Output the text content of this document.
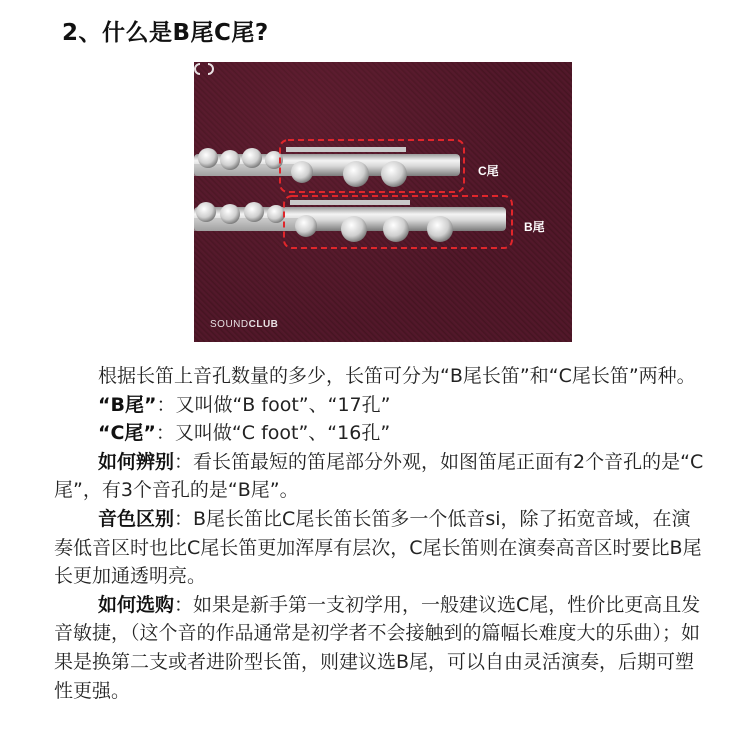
2、什么是B尾C尾?
C尾
B尾
SOUNDCLUB

根据长笛上音孔数量的多少，长笛可分为“B尾长笛”和“C尾长笛”两种。

“B尾”：又叫做“B foot”、“17孔”

“C尾”：又叫做“C foot”、“16孔”

如何辨别：看长笛最短的笛尾部分外观，如图笛尾正面有2个音孔的是“C尾”，有3个音孔的是“B尾”。

音色区别：B尾长笛比C尾长笛长笛多一个低音si，除了拓宽音域，在演奏低音区时也比C尾长笛更加浑厚有层次，C尾长笛则在演奏高音区时要比B尾长更加通透明亮。

如何选购：如果是新手第一支初学用，一般建议选C尾，性价比更高且发音敏捷，（这个音的作品通常是初学者不会接触到的篇幅长难度大的乐曲）；如果是换第二支或者进阶型长笛，则建议选B尾，可以自由灵活演奏，后期可塑性更强。
